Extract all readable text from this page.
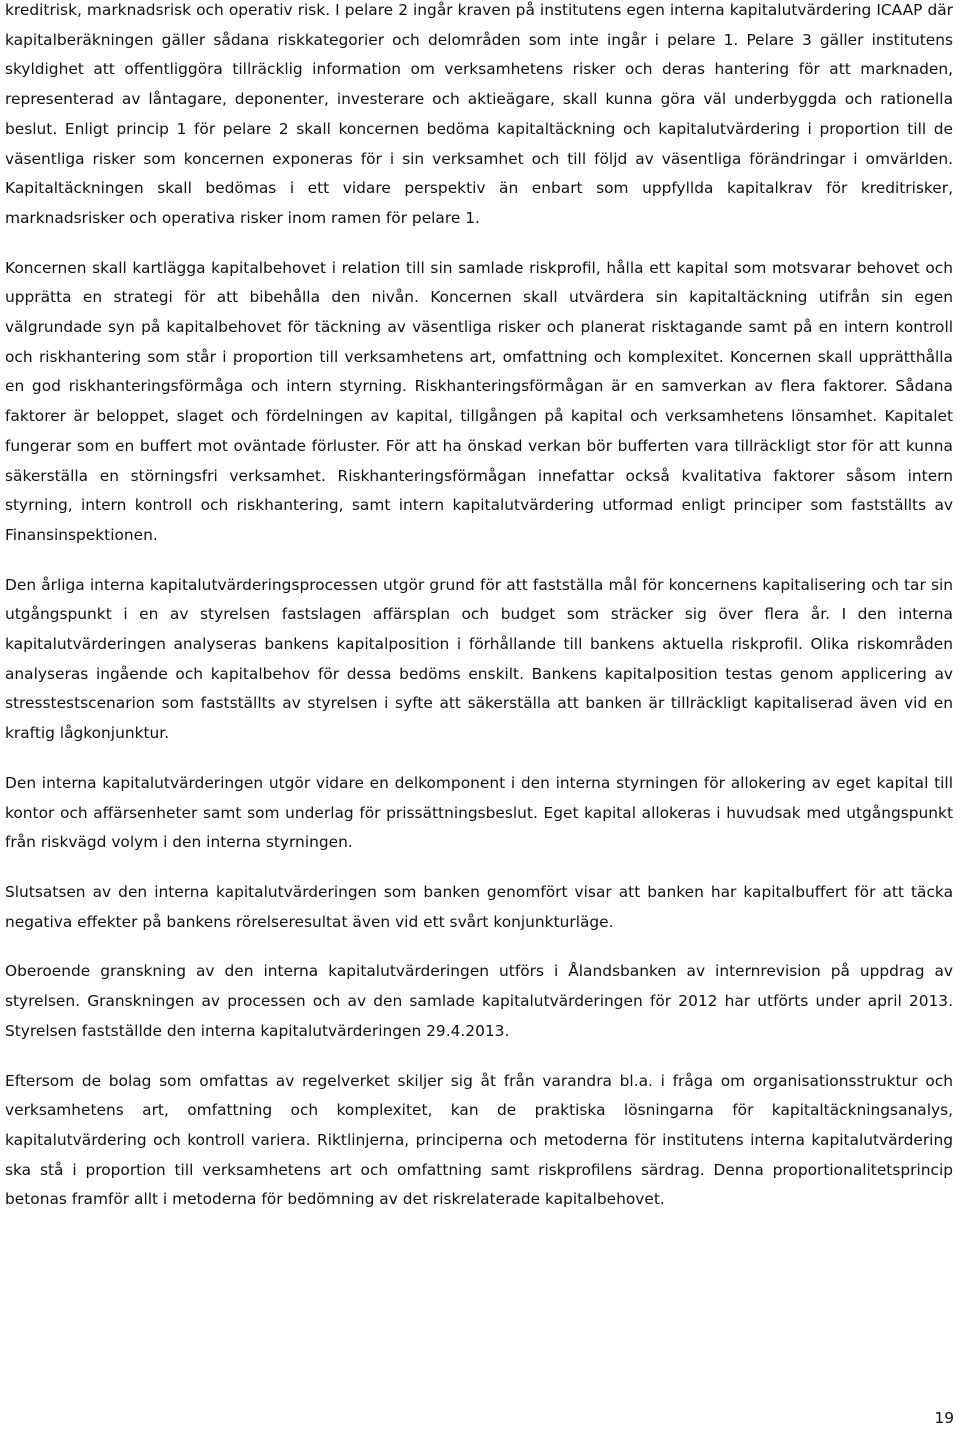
kreditrisk, marknadsrisk och operativ risk. I pelare 2 ingår kraven på institutens egen interna kapitalutvärdering ICAAP där kapitalberäkningen gäller sådana riskkategorier och delområden som inte ingår i pelare 1. Pelare 3 gäller institutens skyldighet att offentliggöra tillräcklig information om verksamhetens risker och deras hantering för att marknaden, representerad av låntagare, deponenter, investerare och aktieägare, skall kunna göra väl underbyggda och rationella beslut. Enligt princip 1 för pelare 2 skall koncernen bedöma kapitaltäckning och kapitalutvärdering i proportion till de väsentliga risker som koncernen exponeras för i sin verksamhet och till följd av väsentliga förändringar i omvärlden. Kapitaltäckningen skall bedömas i ett vidare perspektiv än enbart som uppfyllda kapitalkrav för kreditrisker, marknadsrisker och operativa risker inom ramen för pelare 1.

Koncernen skall kartlägga kapitalbehovet i relation till sin samlade riskprofil, hålla ett kapital som motsvarar behovet och upprätta en strategi för att bibehålla den nivån. Koncernen skall utvärdera sin kapitaltäckning utifrån sin egen välgrundade syn på kapitalbehovet för täckning av väsentliga risker och planerat risktagande samt på en intern kontroll och riskhantering som står i proportion till verksamhetens art, omfattning och komplexitet. Koncernen skall upprätthålla en god riskhanteringsförmåga och intern styrning. Riskhanteringsförmågan är en samverkan av flera faktorer. Sådana faktorer är beloppet, slaget och fördelningen av kapital, tillgången på kapital och verksamhetens lönsamhet. Kapitalet fungerar som en buffert mot oväntade förluster. För att ha önskad verkan bör bufferten vara tillräckligt stor för att kunna säkerställa en störningsfri verksamhet. Riskhanteringsförmågan innefattar också kvalitativa faktorer såsom intern styrning, intern kontroll och riskhantering, samt intern kapitalutvärdering utformad enligt principer som fastställts av Finansinspektionen.

Den årliga interna kapitalutvärderingsprocessen utgör grund för att fastställa mål för koncernens kapitalisering och tar sin utgångspunkt i en av styrelsen fastslagen affärsplan och budget som sträcker sig över flera år. I den interna kapitalutvärderingen analyseras bankens kapitalposition i förhållande till bankens aktuella riskprofil. Olika riskområden analyseras ingående och kapitalbehov för dessa bedöms enskilt. Bankens kapitalposition testas genom applicering av stresstestscenarion som fastställts av styrelsen i syfte att säkerställa att banken är tillräckligt kapitaliserad även vid en kraftig lågkonjunktur.

Den interna kapitalutvärderingen utgör vidare en delkomponent i den interna styrningen för allokering av eget kapital till kontor och affärsenheter samt som underlag för prissättningsbeslut. Eget kapital allokeras i huvudsak med utgångspunkt från riskvägd volym i den interna styrningen.

Slutsatsen av den interna kapitalutvärderingen som banken genomfört visar att banken har kapitalbuffert för att täcka negativa effekter på bankens rörelseresultat även vid ett svårt konjunkturläge.

Oberoende granskning av den interna kapitalutvärderingen utförs i Ålandsbanken av internrevision på uppdrag av styrelsen. Granskningen av processen och av den samlade kapitalutvärderingen för 2012 har utförts under april 2013. Styrelsen fastställde den interna kapitalutvärderingen 29.4.2013.

Eftersom de bolag som omfattas av regelverket skiljer sig åt från varandra bl.a. i fråga om organisationsstruktur och verksamhetens art, omfattning och komplexitet, kan de praktiska lösningarna för kapitaltäckningsanalys, kapitalutvärdering och kontroll variera. Riktlinjerna, principerna och metoderna för institutens interna kapitalutvärdering ska stå i proportion till verksamhetens art och omfattning samt riskprofilens särdrag. Denna proportionalitetsprincip betonas framför allt i metoderna för bedömning av det riskrelaterade kapitalbehovet.

19
